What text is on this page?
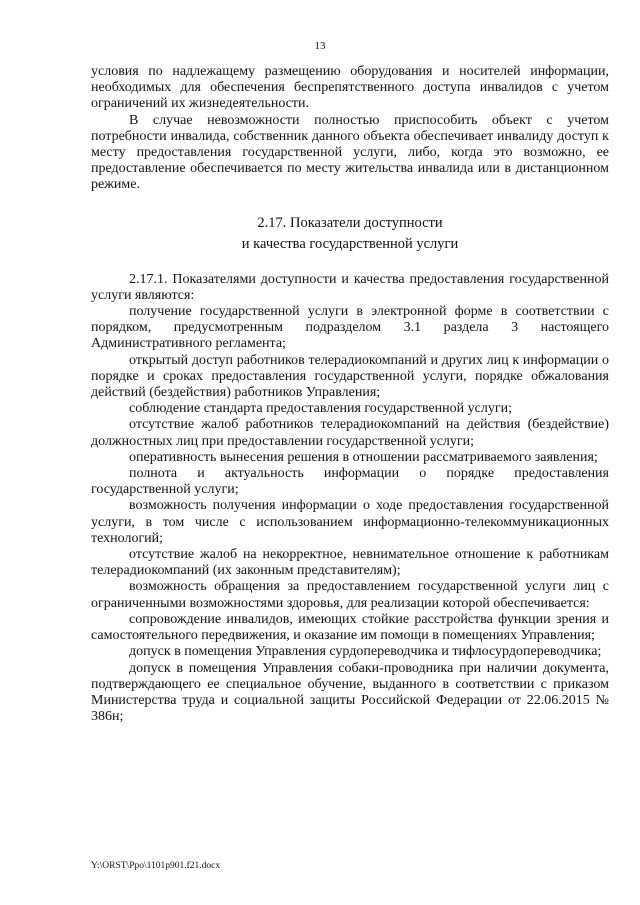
13

условия по надлежащему размещению оборудования и носителей информации, необходимых для обеспечения беспрепятственного доступа инвалидов с учетом ограничений их жизнедеятельности.

В случае невозможности полностью приспособить объект с учетом потребности инвалида, собственник данного объекта обеспечивает инвалиду доступ к месту предоставления государственной услуги, либо, когда это возможно, ее предоставление обеспечивается по месту жительства инвалида или в дистанционном режиме.

2.17. Показатели доступности
и качества государственной услуги

2.17.1. Показателями доступности и качества предоставления государственной услуги являются:

получение государственной услуги в электронной форме в соответствии с порядком, предусмотренным подразделом 3.1 раздела 3 настоящего Административного регламента;

открытый доступ работников телерадиокомпаний и других лиц к информации о порядке и сроках предоставления государственной услуги, порядке обжалования действий (бездействия) работников Управления;

соблюдение стандарта предоставления государственной услуги;

отсутствие жалоб работников телерадиокомпаний на действия (бездействие) должностных лиц при предоставлении государственной услуги;

оперативность вынесения решения в отношении рассматриваемого заявления;

полнота и актуальность информации о порядке предоставления государственной услуги;

возможность получения информации о ходе предоставления государственной услуги, в том числе с использованием информационно-телекоммуникационных технологий;

отсутствие жалоб на некорректное, невнимательное отношение к работникам телерадиокомпаний (их законным представителям);

возможность обращения за предоставлением государственной услуги лиц с ограниченными возможностями здоровья, для реализации которой обеспечивается:

сопровождение инвалидов, имеющих стойкие расстройства функции зрения и самостоятельного передвижения, и оказание им помощи в помещениях Управления;

допуск в помещения Управления сурдопереводчика и тифлосурдопереводчика;

допуск в помещения Управления собаки-проводника при наличии документа, подтверждающего ее специальное обучение, выданного в соответствии с приказом Министерства труда и социальной защиты Российской Федерации от 22.06.2015 № 386н;

Y:\ORST\Ppo\1101p901.f21.docx
